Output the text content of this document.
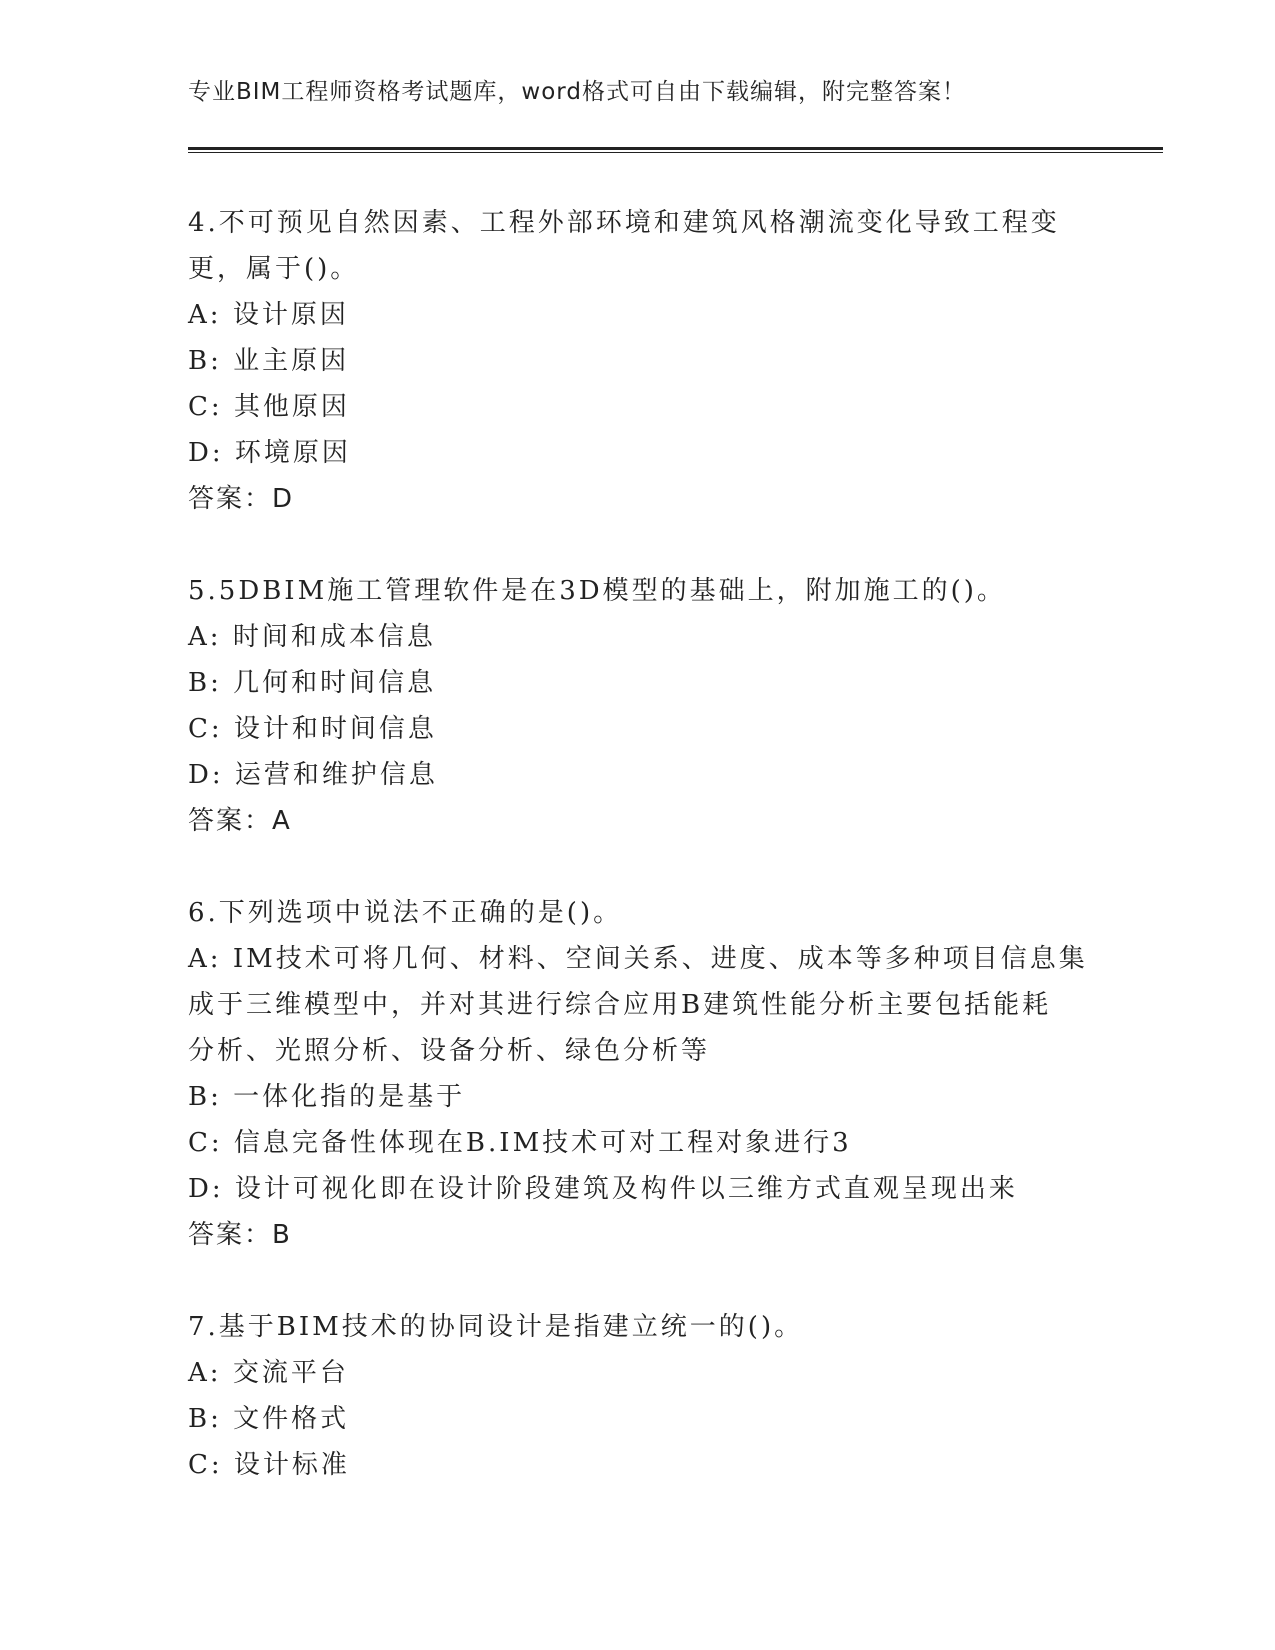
专业BIM工程师资格考试题库，word格式可自由下载编辑，附完整答案！
4.不可预见自然因素、工程外部环境和建筑风格潮流变化导致工程变
更，属于()。
A: 设计原因
B: 业主原因
C: 其他原因
D: 环境原因
答案：D
5.5DBIM施工管理软件是在3D模型的基础上，附加施工的()。
A: 时间和成本信息
B: 几何和时间信息
C: 设计和时间信息
D: 运营和维护信息
答案：A
6.下列选项中说法不正确的是()。
A: IM技术可将几何、材料、空间关系、进度、成本等多种项目信息集
成于三维模型中，并对其进行综合应用B建筑性能分析主要包括能耗
分析、光照分析、设备分析、绿色分析等
B: 一体化指的是基于
C: 信息完备性体现在B.IM技术可对工程对象进行3
D: 设计可视化即在设计阶段建筑及构件以三维方式直观呈现出来
答案：B
7.基于BIM技术的协同设计是指建立统一的()。
A: 交流平台
B: 文件格式
C: 设计标准
